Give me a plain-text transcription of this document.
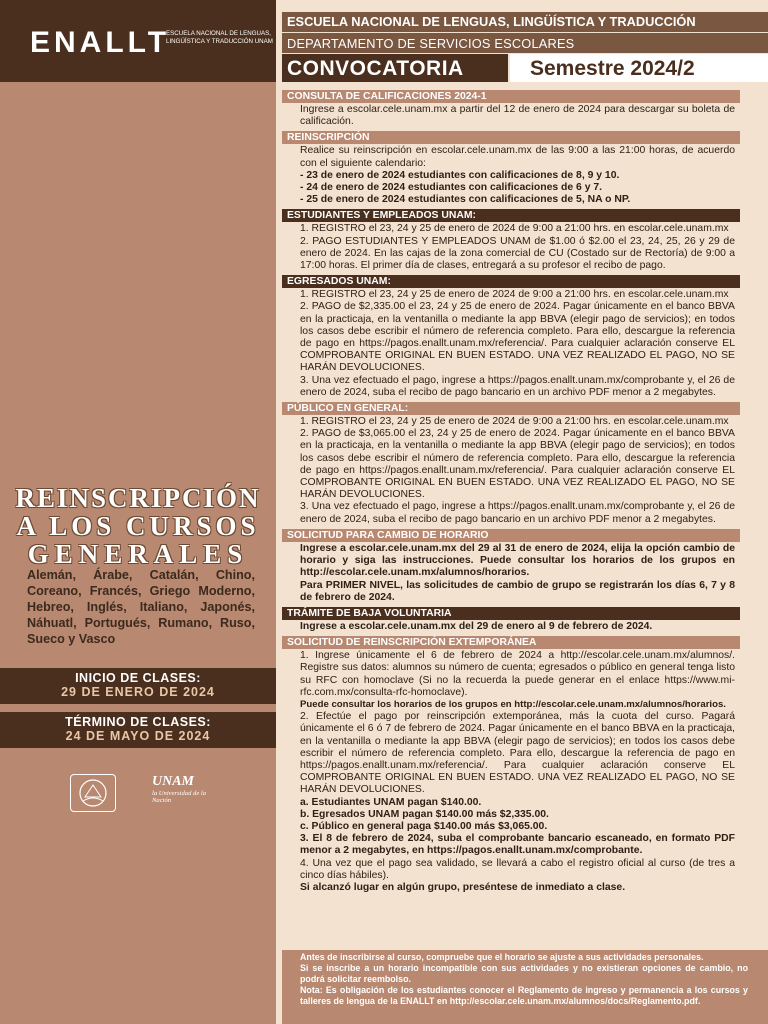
ENALLT
ESCUELA NACIONAL DE LENGUAS, LINGÜÍSTICA Y TRADUCCIÓN UNAM
REINSCRIPCIÓN
A LOS CURSOS
GENERALES
Alemán, Árabe, Catalán, Chino, Coreano, Francés, Griego Moderno, Hebreo, Inglés, Italiano, Japonés, Náhuatl, Portugués, Rumano, Ruso, Sueco y Vasco
INICIO DE CLASES:
29 DE ENERO DE 2024
TÉRMINO DE CLASES:
24 DE MAYO DE 2024
UNAM
la Universidad de la Nación
ESCUELA NACIONAL DE LENGUAS, LINGÜÍSTICA Y TRADUCCIÓN
DEPARTAMENTO DE SERVICIOS ESCOLARES
CONVOCATORIA	Semestre 2024/2
CONSULTA DE CALIFICACIONES 2024-1

Ingrese a escolar.cele.unam.mx a partir del 12 de enero de 2024 para descargar su boleta de calificación.

REINSCRIPCIÓN

Realice su reinscripción en escolar.cele.unam.mx de las 9:00 a las 21:00 horas, de acuerdo con el siguiente calendario:

- 23 de enero de 2024 estudiantes con calificaciones de 8, 9 y 10.

- 24 de enero de 2024 estudiantes con calificaciones de 6 y 7.

- 25 de enero de 2024 estudiantes con calificaciones de 5, NA o NP.

ESTUDIANTES Y EMPLEADOS UNAM:

1. REGISTRO el 23, 24 y 25 de enero de 2024 de 9:00 a 21:00 hrs. en escolar.cele.unam.mx

2. PAGO ESTUDIANTES Y EMPLEADOS UNAM de $1.00 ó $2.00 el 23, 24, 25, 26 y 29 de enero de 2024. En las cajas de la zona comercial de CU (Costado sur de Rectoría) de 9:00 a 17:00 horas. El primer día de clases, entregará a su profesor el recibo de pago.

EGRESADOS UNAM:

1. REGISTRO el 23, 24 y 25 de enero de 2024 de 9:00 a 21:00 hrs. en escolar.cele.unam.mx

2. PAGO de $2,335.00 el 23, 24 y 25 de enero de 2024. Pagar únicamente en el banco BBVA en la practicaja, en la ventanilla o mediante la app BBVA (elegir pago de servicios); en todos los casos debe escribir el número de referencia completo. Para ello, descargue la referencia de pago en https://pagos.enallt.unam.mx/referencia/. Para cualquier aclaración conserve EL COMPROBANTE ORIGINAL EN BUEN ESTADO. UNA VEZ REALIZADO EL PAGO, NO SE HARÁN DEVOLUCIONES.

3. Una vez efectuado el pago, ingrese a https://pagos.enallt.unam.mx/comprobante y, el 26 de enero de 2024, suba el recibo de pago bancario en un archivo PDF menor a 2 megabytes.

PÚBLICO EN GENERAL:

1. REGISTRO el 23, 24 y 25 de enero de 2024 de 9:00 a 21:00 hrs. en escolar.cele.unam.mx

2. PAGO de $3,065.00 el 23, 24 y 25 de enero de 2024. Pagar únicamente en el banco BBVA en la practicaja, en la ventanilla o mediante la app BBVA (elegir pago de servicios); en todos los casos debe escribir el número de referencia completo. Para ello, descargue la referencia de pago en https://pagos.enallt.unam.mx/referencia/. Para cualquier aclaración conserve EL COMPROBANTE ORIGINAL EN BUEN ESTADO. UNA VEZ REALIZADO EL PAGO, NO SE HARÁN DEVOLUCIONES.

3. Una vez efectuado el pago, ingrese a https://pagos.enallt.unam.mx/comprobante y, el 26 de enero de 2024, suba el recibo de pago bancario en un archivo PDF menor a 2 megabytes.

SOLICITUD PARA CAMBIO DE HORARIO

Ingrese a escolar.cele.unam.mx del 29 al 31 de enero de 2024, elija la opción cambio de horario y siga las instrucciones. Puede consultar los horarios de los grupos en http://escolar.cele.unam.mx/alumnos/horarios.

Para PRIMER NIVEL, las solicitudes de cambio de grupo se registrarán los días 6, 7 y 8 de febrero de 2024.

TRÁMITE DE BAJA VOLUNTARIA

Ingrese a escolar.cele.unam.mx del 29 de enero al 9 de febrero de 2024.

SOLICITUD DE REINSCRIPCIÓN EXTEMPORÁNEA

1. Ingrese únicamente el 6 de febrero de 2024 a http://escolar.cele.unam.mx/alumnos/. Registre sus datos: alumnos su número de cuenta; egresados o público en general tenga listo su RFC con homoclave (Si no la recuerda la puede generar en el enlace https://www.mi-rfc.com.mx/consulta-rfc-homoclave).

Puede consultar los horarios de los grupos en http://escolar.cele.unam.mx/alumnos/horarios.

2. Efectúe el pago por reinscripción extemporánea, más la cuota del curso. Pagará únicamente el 6 ó 7 de febrero de 2024. Pagar únicamente en el banco BBVA en la practicaja, en la ventanilla o mediante la app BBVA (elegir pago de servicios); en todos los casos debe escribir el número de referencia completo. Para ello, descargue la referencia de pago en https://pagos.enallt.unam.mx/referencia/. Para cualquier aclaración conserve EL COMPROBANTE ORIGINAL EN BUEN ESTADO. UNA VEZ REALIZADO EL PAGO, NO SE HARÁN DEVOLUCIONES.

a. Estudiantes UNAM pagan $140.00.

b. Egresados UNAM pagan $140.00 más $2,335.00.

c. Público en general paga $140.00 más $3,065.00.

3. El 8 de febrero de 2024, suba el comprobante bancario escaneado, en formato PDF menor a 2 megabytes, en https://pagos.enallt.unam.mx/comprobante.

4. Una vez que el pago sea validado, se llevará a cabo el registro oficial al curso (de tres a cinco días hábiles).

Si alcanzó lugar en algún grupo, preséntese de inmediato a clase.

Antes de inscribirse al curso, compruebe que el horario se ajuste a sus actividades personales.

Si se inscribe a un horario incompatible con sus actividades y no existieran opciones de cambio, no podrá solicitar reembolso.

Nota: Es obligación de los estudiantes conocer el Reglamento de ingreso y permanencia a los cursos y talleres de lengua de la ENALLT en http://escolar.cele.unam.mx/alumnos/docs/Reglamento.pdf.
